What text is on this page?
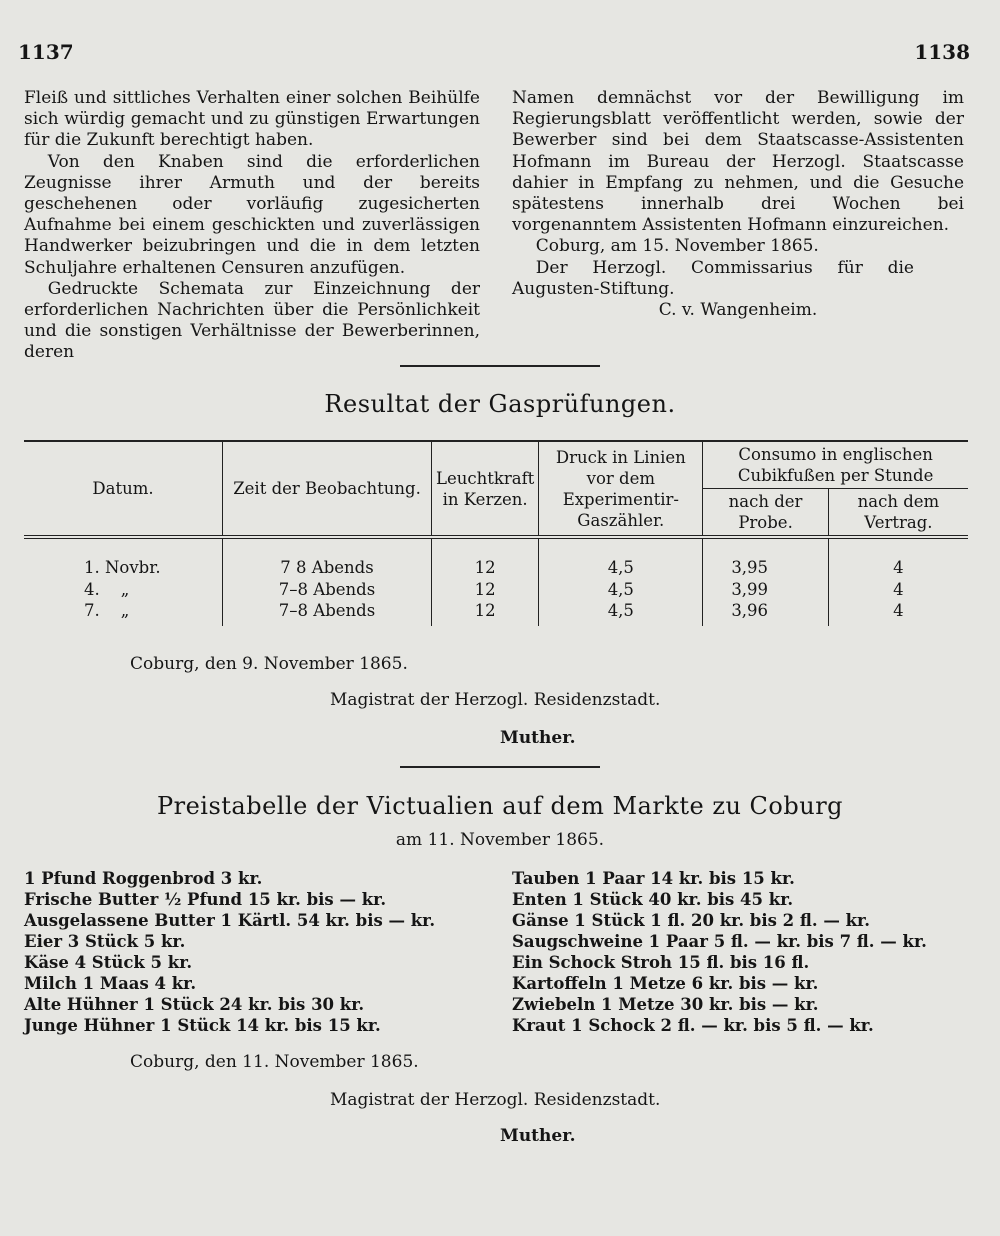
1137	1138

Fleiß und sittliches Verhalten einer solchen Beihülfe sich würdig gemacht und zu günstigen Erwartungen für die Zukunft berechtigt haben.

Von den Knaben sind die erforderlichen Zeugnisse ihrer Armuth und der bereits geschehenen oder vorläufig zugesicherten Aufnahme bei einem geschickten und zuverlässigen Handwerker beizubringen und die in dem letzten Schuljahre erhaltenen Censuren anzufügen.

Gedruckte Schemata zur Einzeichnung der erforderlichen Nachrichten über die Persönlichkeit und die sonstigen Verhältnisse der Bewerberinnen, deren

Namen demnächst vor der Bewilligung im Regierungsblatt veröffentlicht werden, sowie der Bewerber sind bei dem Staatscasse-Assistenten Hofmann im Bureau der Herzogl. Staatscasse dahier in Empfang zu nehmen, und die Gesuche spätestens innerhalb drei Wochen bei vorgenanntem Assistenten Hofmann einzureichen.

Coburg, am 15. November 1865.

Der Herzogl. Commissarius für die Augusten-Stiftung.

C. v. Wangenheim.

Resultat der Gasprüfungen.
Datum.	Zeit der Beobachtung.	Leuchtkraft in Kerzen.	Druck in Linien vor dem Experimentir-Gaszähler.	Consumo in englischen Cubikfußen per Stunde	
				nach der Probe.	nach dem Vertrag.
1. Novbr.	7 8 Abends	12	4,5	3,95	4
4.    „	7–8 Abends	12	4,5	3,99	4
7.    „	7–8 Abends	12	4,5	3,96	4
Coburg, den 9. November 1865.
Magistrat der Herzogl. Residenzstadt.
Muther.
Preistabelle der Victualien auf dem Markte zu Coburg
am 11. November 1865.
1 Pfund Roggenbrod 3 kr.
Frische Butter ½ Pfund 15 kr. bis — kr.
Ausgelassene Butter 1 Kärtl. 54 kr. bis — kr.
Eier 3 Stück 5 kr.
Käse 4 Stück 5 kr.
Milch 1 Maas 4 kr.
Alte Hühner 1 Stück 24 kr. bis 30 kr.
Junge Hühner 1 Stück 14 kr. bis 15 kr.
Tauben 1 Paar 14 kr. bis 15 kr.
Enten 1 Stück 40 kr. bis 45 kr.
Gänse 1 Stück 1 fl. 20 kr. bis 2 fl. — kr.
Saugschweine 1 Paar 5 fl. — kr. bis 7 fl. — kr.
Ein Schock Stroh 15 fl. bis 16 fl.
Kartoffeln 1 Metze 6 kr. bis — kr.
Zwiebeln 1 Metze 30 kr. bis — kr.
Kraut 1 Schock 2 fl. — kr. bis 5 fl. — kr.
Coburg, den 11. November 1865.
Magistrat der Herzogl. Residenzstadt.
Muther.
